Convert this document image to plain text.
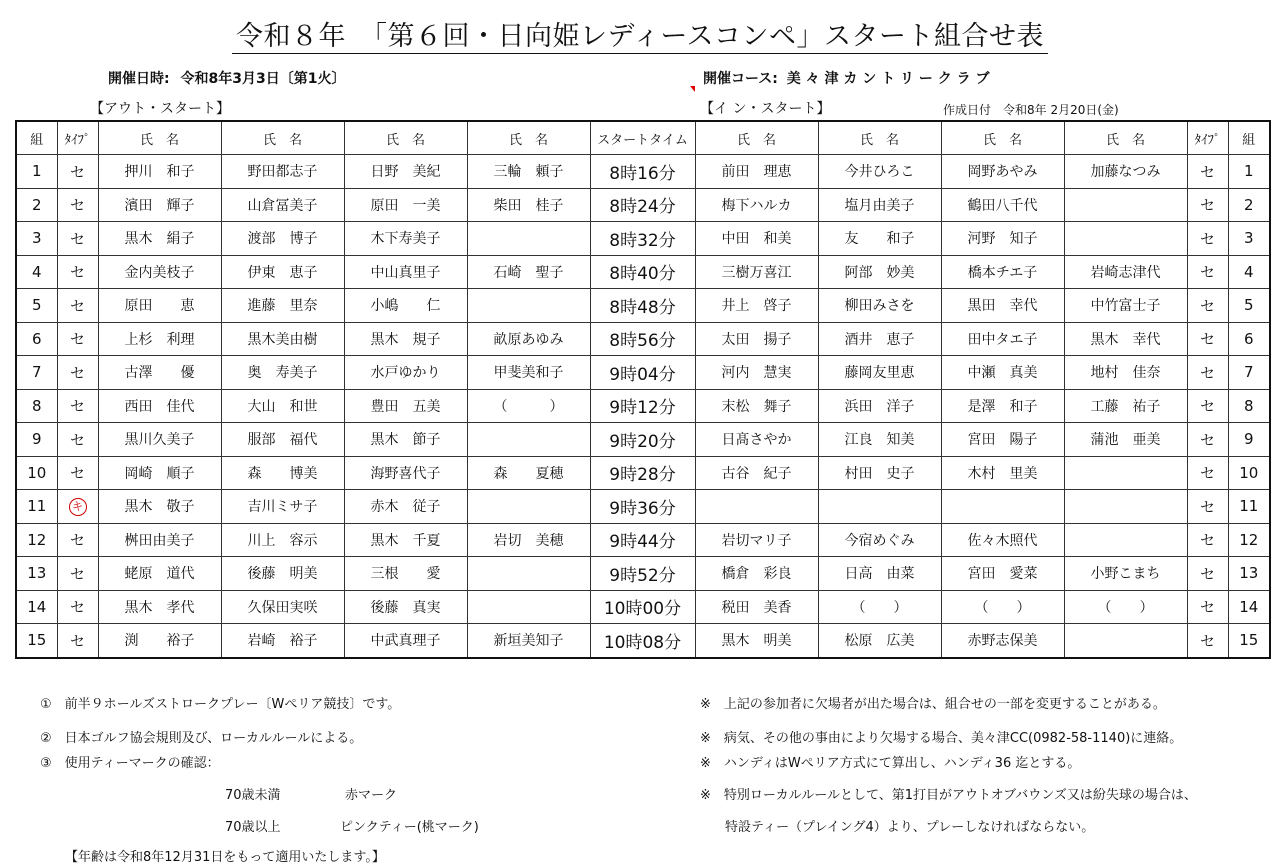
令和８年　「第６回・日向姫レディースコンペ」スタート組合せ表
開催日時: 令和8年3月3日〔第1火〕	開催コース: 美 々 津 カ ン ト リ ー ク ラ ブ
【アウト・スタート】	【イ ン・スタート】	作成日付　令和8年 2月20日(金)
組	ﾀｲﾌﾟ	氏　名	氏　名	氏　名	氏　名	スタートタイム	氏　名	氏　名	氏　名	氏　名	ﾀｲﾌﾟ	組
1	セ	押川　和子	野田都志子	日野　美紀	三輪　頼子	8時16分	前田　理恵	今井ひろこ	岡野あやみ	加藤なつみ	セ	1
2	セ	濱田　輝子	山倉冨美子	原田　一美	柴田　桂子	8時24分	梅下ハルカ	塩月由美子	鶴田八千代		セ	2
3	セ	黒木　絹子	渡部　博子	木下寿美子		8時32分	中田　和美	友　　和子	河野　知子		セ	3
4	セ	金内美枝子	伊東　恵子	中山真里子	石崎　聖子	8時40分	三樹万喜江	阿部　妙美	橋本チエ子	岩崎志津代	セ	4
5	セ	原田　　恵	進藤　里奈	小嶋　　仁		8時48分	井上　啓子	柳田みさを	黒田　幸代	中竹富士子	セ	5
6	セ	上杉　利理	黒木美由樹	黒木　規子	畝原あゆみ	8時56分	太田　揚子	酒井　恵子	田中タエ子	黒木　幸代	セ	6
7	セ	古澤　　優	奥　寿美子	水戸ゆかり	甲斐美和子	9時04分	河内　慧実	藤岡友里恵	中瀬　真美	地村　佳奈	セ	7
8	セ	西田　佳代	大山　和世	豊田　五美	（　　　）	9時12分	末松　舞子	浜田　洋子	是澤　和子	工藤　祐子	セ	8
9	セ	黒川久美子	服部　福代	黒木　節子		9時20分	日髙さやか	江良　知美	宮田　陽子	蒲池　亜美	セ	9
10	セ	岡崎　順子	森　　博美	海野喜代子	森　　夏穂	9時28分	古谷　紀子	村田　史子	木村　里美		セ	10
11	キ	黒木　敬子	吉川ミサ子	赤木　従子		9時36分					セ	11
12	セ	桝田由美子	川上　容示	黒木　千夏	岩切　美穂	9時44分	岩切マリ子	今宿めぐみ	佐々木照代		セ	12
13	セ	蛯原　道代	後藤　明美	三根　　愛		9時52分	橋倉　彩良	日高　由菜	宮田　愛菜	小野こまち	セ	13
14	セ	黒木　孝代	久保田実咲	後藤　真実		10時00分	税田　美香	（　　）	（　　）	（　　）	セ	14
15	セ	渕　　裕子	岩崎　裕子	中武真理子	新垣美知子	10時08分	黒木　明美	松原　広美	赤野志保美		セ	15
①　前半９ホールズストロークプレー〔Wぺリア競技〕です。
②　日本ゴルフ協会規則及び、ローカルルールによる。
③　使用ティーマークの確認：
70歳未満	赤マーク
70歳以上	ピンクティー(桃マーク)
【年齢は令和8年12月31日をもって適用いたします。】
※　上記の参加者に欠場者が出た場合は、組合せの一部を変更することがある。
※　病気、その他の事由により欠場する場合、美々津CC(0982-58-1140)に連絡。
※　ハンディはWぺリア方式にて算出し、ハンディ36 迄とする。
※　特別ローカルルールとして、第1打目がアウトオブバウンズ又は紛失球の場合は、
特設ティー（プレイング4）より、プレーしなければならない。
